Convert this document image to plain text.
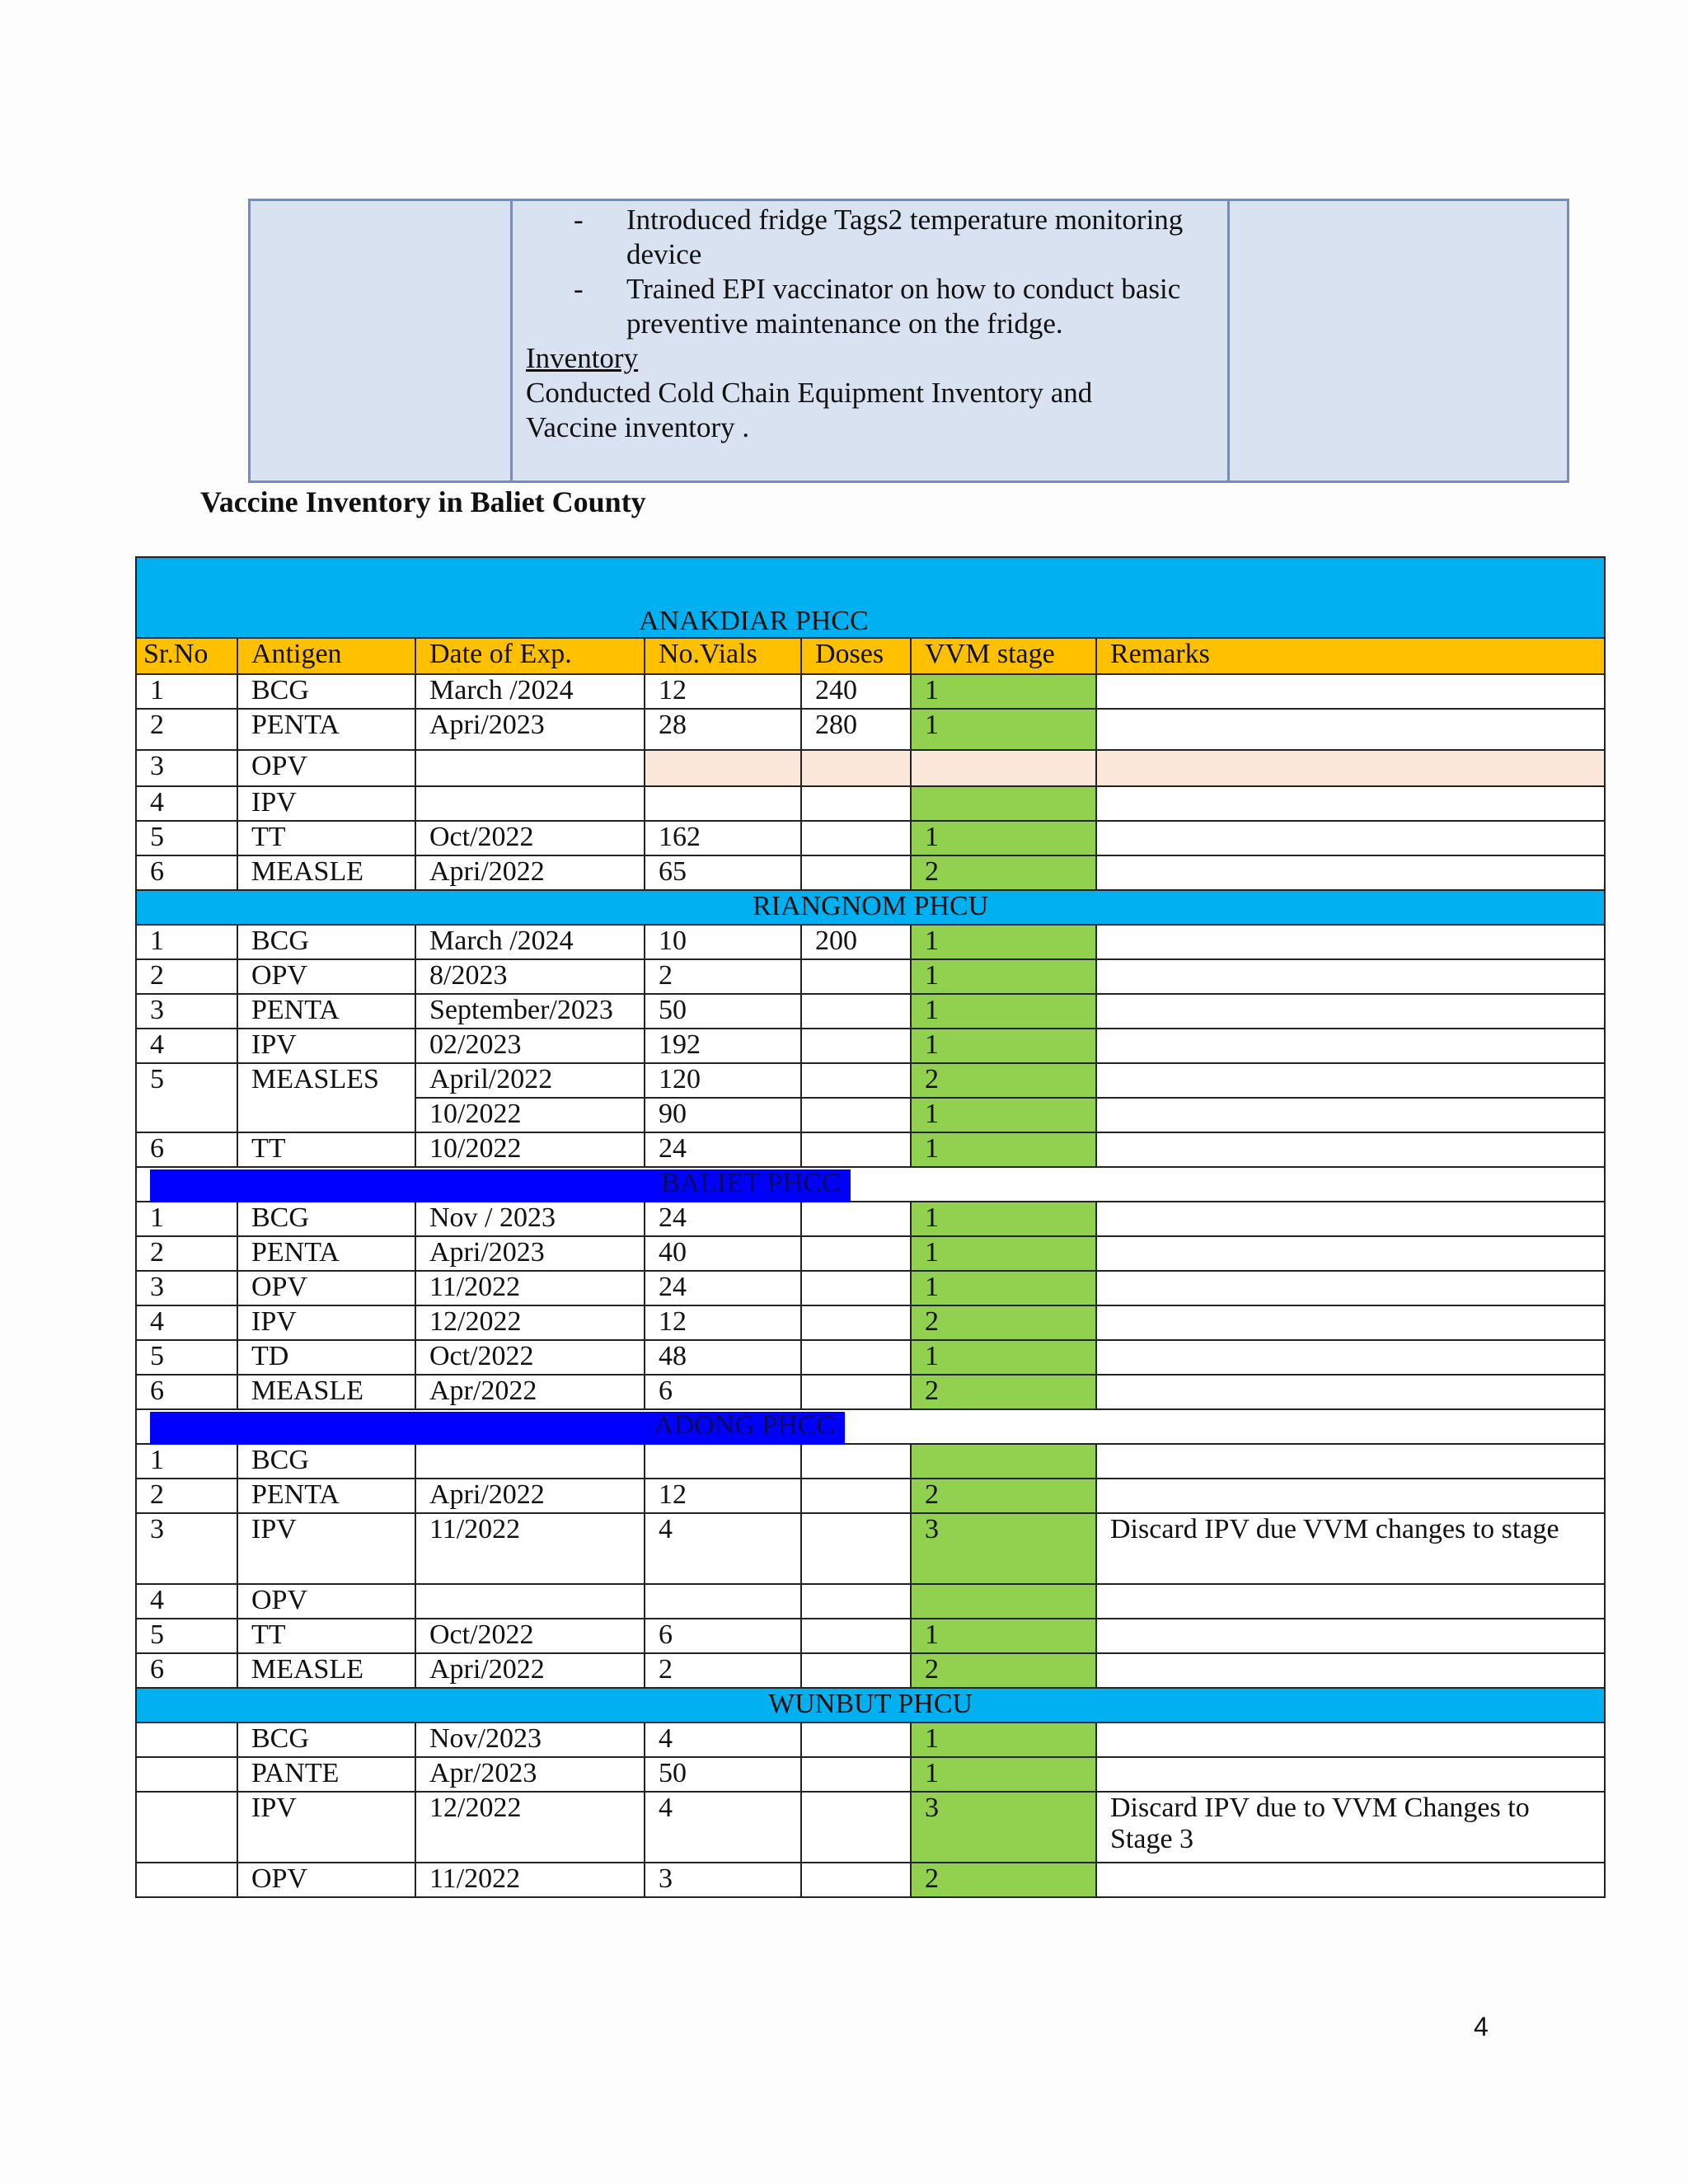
- Introduced fridge Tags2 temperature monitoring device
- Trained EPI vaccinator on how to conduct basic preventive maintenance on the fridge.
Inventory
Conducted Cold Chain Equipment Inventory and Vaccine inventory .

Vaccine Inventory in Baliet County
ANAKDIAR PHCC						
Sr.No	Antigen	Date of Exp.	No.Vials	Doses	VVM stage	Remarks
1	BCG	March /2024	12	240	1	
2	PENTA	Apri/2023	28	280	1	
3	OPV					
4	IPV					
5	TT	Oct/2022	162		1	
6	MEASLE	Apri/2022	65		2	
RIANGNOM PHCU						
1	BCG	March /2024	10	200	1	
2	OPV	8/2023	2		1	
3	PENTA	September/2023	50		1	
4	IPV	02/2023	192		1	
5	MEASLES	April/2022	120		2	
		10/2022	90		1	
6	TT	10/2022	24		1	

BALIET PHCC						

1	BCG	Nov / 2023	24		1	
2	PENTA	Apri/2023	40		1	
3	OPV	11/2022	24		1	
4	IPV	12/2022	12		2	
5	TD	Oct/2022	48		1	
6	MEASLE	Apr/2022	6		2	

ADONG PHCC						

1	BCG					
2	PENTA	Apri/2022	12		2	
3	IPV	11/2022	4		3	Discard IPV due VVM changes to stage
4	OPV					
5	TT	Oct/2022	6		1	
6	MEASLE	Apri/2022	2		2	
WUNBUT PHCU						
	BCG	Nov/2023	4		1	
	PANTE	Apr/2023	50		1	
	IPV	12/2022	4		3	Discard IPV due to VVM Changes to Stage 3
	OPV	11/2022	3		2	
4
